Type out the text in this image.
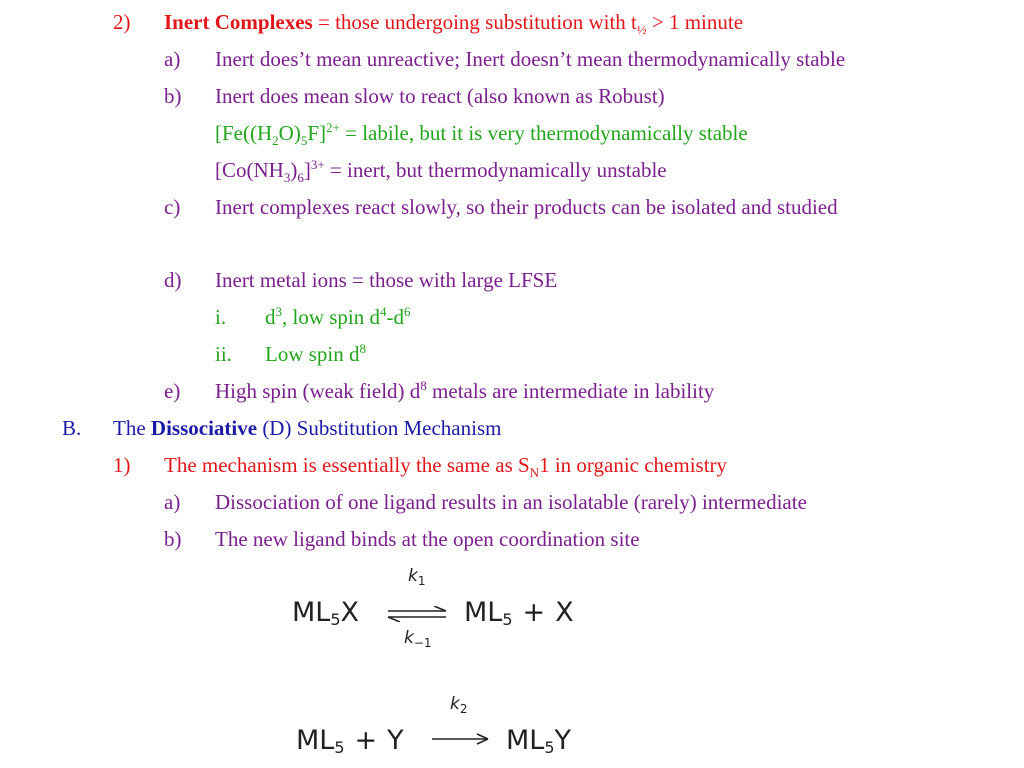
2) Inert Complexes = those undergoing substitution with $t_{\frac{1}{2}} > 1$ minute
a) Inert does’t mean unreactive; Inert doesn’t mean thermodynamically stable
b) Inert does mean slow to react (also known as Robust)
[$Fe((H_2O)_5F]^{2+}$ = labile, but it is very thermodynamically stable
$[Co(NH_3)_6]^{3+}$ = inert, but thermodynamically unstable
c) Inert complexes react slowly, so their products can be isolated and studied
d) Inert metal ions = those with large LFSE
i. $d^3$, low spin $d^4-d^6$
ii. Low spin $d^8$
e) High spin (weak field) $d^8$ metals are intermediate in lability
B. The Dissociative (D) Substitution Mechanism
1) The mechanism is essentially the same as $S_N1$ in organic chemistry
a) Dissociation of one ligand results in an isolatable (rarely) intermediate
b) The new ligand binds at the open coordination site
$ML_5X$
$k_1$
$k_{-1}$
$ML_5 + X$
$ML_5 + Y$
$k_2$
$ML_5Y$
